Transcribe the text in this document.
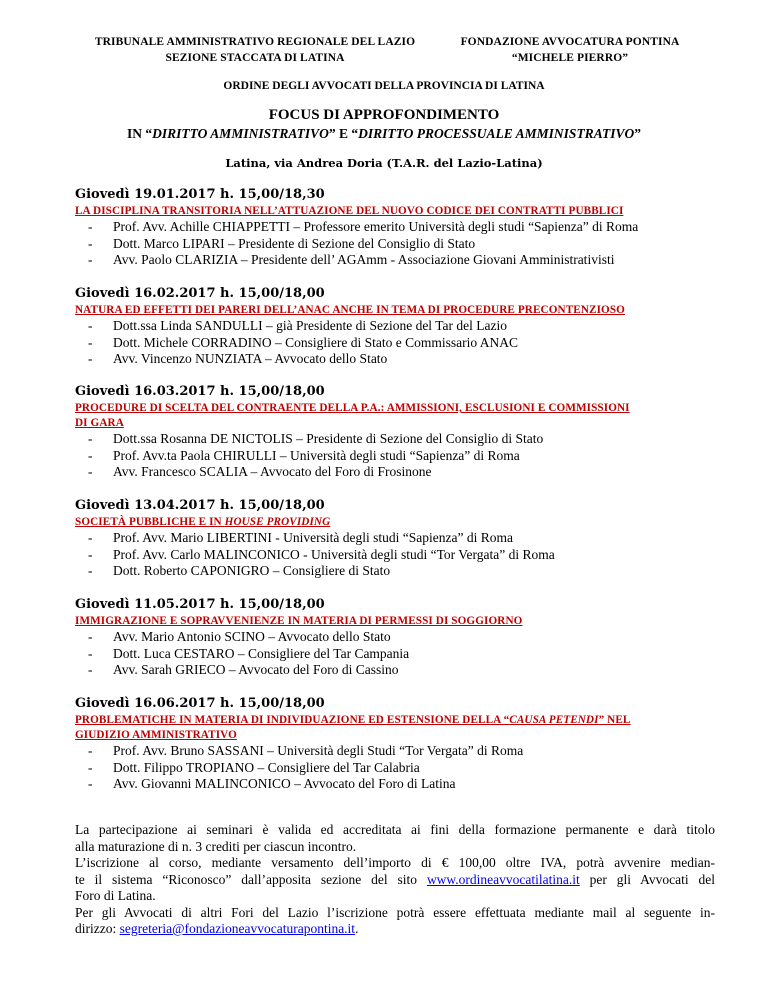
TRIBUNALE AMMINISTRATIVO REGIONALE DEL LAZIO
SEZIONE STACCATA DI LATINA
FONDAZIONE AVVOCATURA PONTINA
“MICHELE PIERRO”
ORDINE DEGLI AVVOCATI DELLA PROVINCIA DI LATINA
FOCUS DI APPROFONDIMENTO
IN “DIRITTO AMMINISTRATIVO” E “DIRITTO PROCESSUALE AMMINISTRATIVO”
Latina, via Andrea Doria (T.A.R. del Lazio-Latina)
Giovedì 19.01.2017 h. 15,00/18,30
LA DISCIPLINA TRANSITORIA NELL’ATTUAZIONE DEL NUOVO CODICE DEI CONTRATTI PUBBLICI
- Prof. Avv. Achille CHIAPPETTI – Professore emerito Università degli studi “Sapienza” di Roma
- Dott. Marco LIPARI – Presidente di Sezione del Consiglio di Stato
- Avv. Paolo CLARIZIA – Presidente dell’ AGAmm - Associazione Giovani Amministrativisti
Giovedì 16.02.2017 h. 15,00/18,00
NATURA ED EFFETTI DEI PARERI DELL’ANAC ANCHE IN TEMA DI PROCEDURE PRECONTENZIOSO
- Dott.ssa Linda SANDULLI – già Presidente di Sezione del Tar del Lazio
- Dott. Michele CORRADINO – Consigliere di Stato e Commissario ANAC
- Avv. Vincenzo NUNZIATA – Avvocato dello Stato
Giovedì 16.03.2017 h. 15,00/18,00
PROCEDURE DI SCELTA DEL CONTRAENTE DELLA P.A.: AMMISSIONI, ESCLUSIONI E COMMISSIONI
DI GARA
- Dott.ssa Rosanna DE NICTOLIS – Presidente di Sezione del Consiglio di Stato
- Prof. Avv.ta Paola CHIRULLI – Università degli studi “Sapienza” di Roma
- Avv. Francesco SCALIA – Avvocato del Foro di Frosinone
Giovedì 13.04.2017 h. 15,00/18,00
SOCIETÀ PUBBLICHE E IN HOUSE PROVIDING
- Prof. Avv. Mario LIBERTINI - Università degli studi “Sapienza” di Roma
- Prof. Avv. Carlo MALINCONICO - Università degli studi “Tor Vergata” di Roma
- Dott. Roberto CAPONIGRO – Consigliere di Stato
Giovedì 11.05.2017 h. 15,00/18,00
IMMIGRAZIONE E SOPRAVVENIENZE IN MATERIA DI PERMESSI DI SOGGIORNO
- Avv. Mario Antonio SCINO – Avvocato dello Stato
- Dott. Luca CESTARO – Consigliere del Tar Campania
- Avv. Sarah GRIECO – Avvocato del Foro di Cassino
Giovedì 16.06.2017 h. 15,00/18,00
PROBLEMATICHE IN MATERIA DI INDIVIDUAZIONE ED ESTENSIONE DELLA “CAUSA PETENDI” NEL
GIUDIZIO AMMINISTRATIVO
- Prof. Avv. Bruno SASSANI – Università degli Studi “Tor Vergata” di Roma
- Dott. Filippo TROPIANO – Consigliere del Tar Calabria
- Avv. Giovanni MALINCONICO – Avvocato del Foro di Latina

La partecipazione ai seminari è valida ed accreditata ai fini della formazione permanente e darà titolo

alla maturazione di n. 3 crediti per ciascun incontro.

L’iscrizione al corso, mediante versamento dell’importo di € 100,00 oltre IVA, potrà avvenire median-

te il sistema “Riconosco” dall’apposita sezione del sito www.ordineavvocatilatina.it per gli Avvocati del

Foro di Latina.

Per gli Avvocati di altri Fori del Lazio l’iscrizione potrà essere effettuata mediante mail al seguente in-

dirizzo: segreteria@fondazioneavvocaturapontina.it.
